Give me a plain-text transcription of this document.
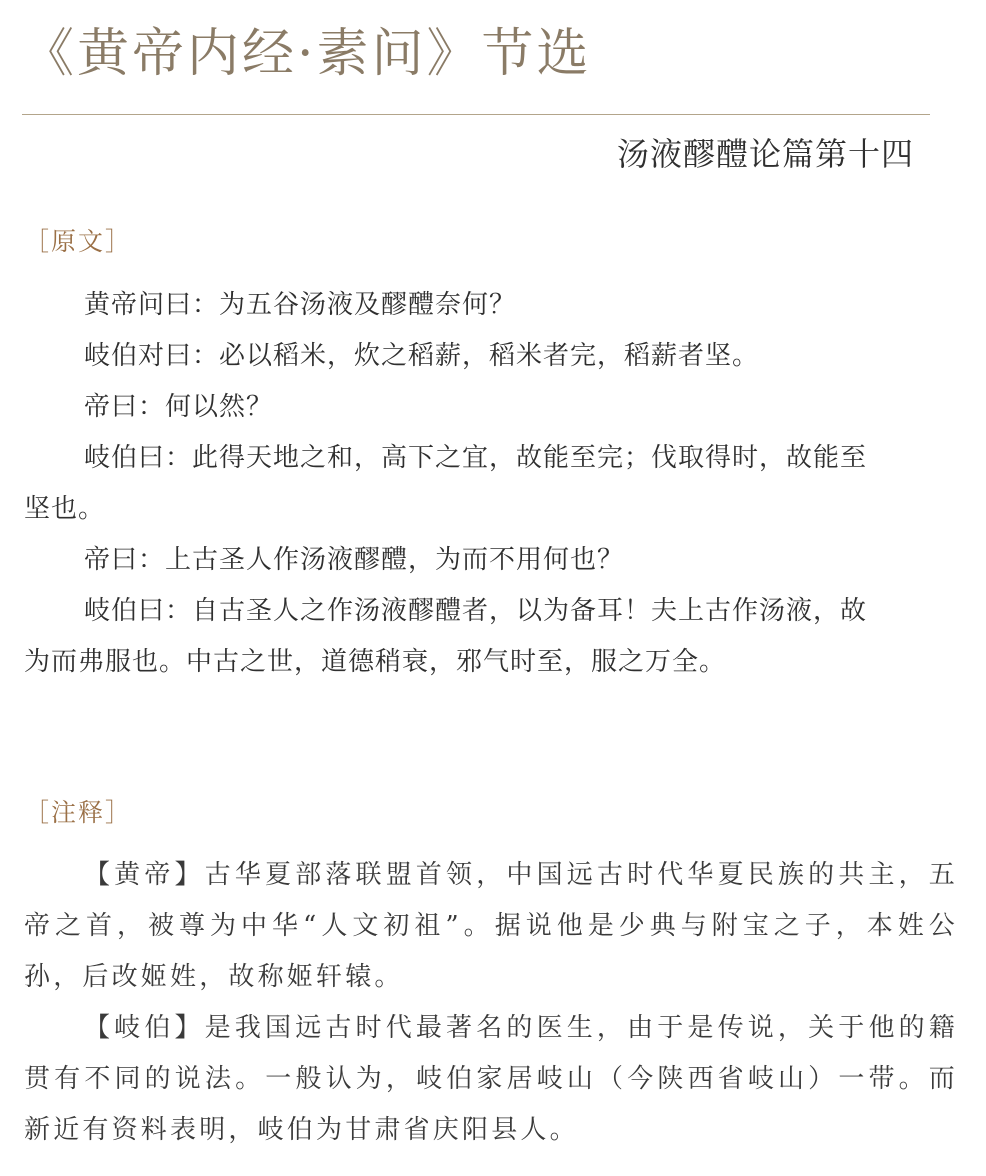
《黄帝内经·素问》节选
汤液醪醴论篇第十四
［原文］

黄帝问曰：为五谷汤液及醪醴奈何？

岐伯对曰：必以稻米，炊之稻薪，稻米者完，稻薪者坚。

帝曰：何以然？

岐伯曰：此得天地之和，高下之宜，故能至完；伐取得时，故能至坚也。

帝曰：上古圣人作汤液醪醴，为而不用何也？

岐伯曰：自古圣人之作汤液醪醴者，以为备耳！夫上古作汤液，故为而弗服也。中古之世，道德稍衰，邪气时至，服之万全。

［注释］

【黄帝】古华夏部落联盟首领，中国远古时代华夏民族的共主，五帝之首，被尊为中华“人文初祖”。据说他是少典与附宝之子，本姓公孙，后改姬姓，故称姬轩辕。

【岐伯】是我国远古时代最著名的医生，由于是传说，关于他的籍贯有不同的说法。一般认为，岐伯家居岐山（今陕西省岐山）一带。而新近有资料表明，岐伯为甘肃省庆阳县人。
